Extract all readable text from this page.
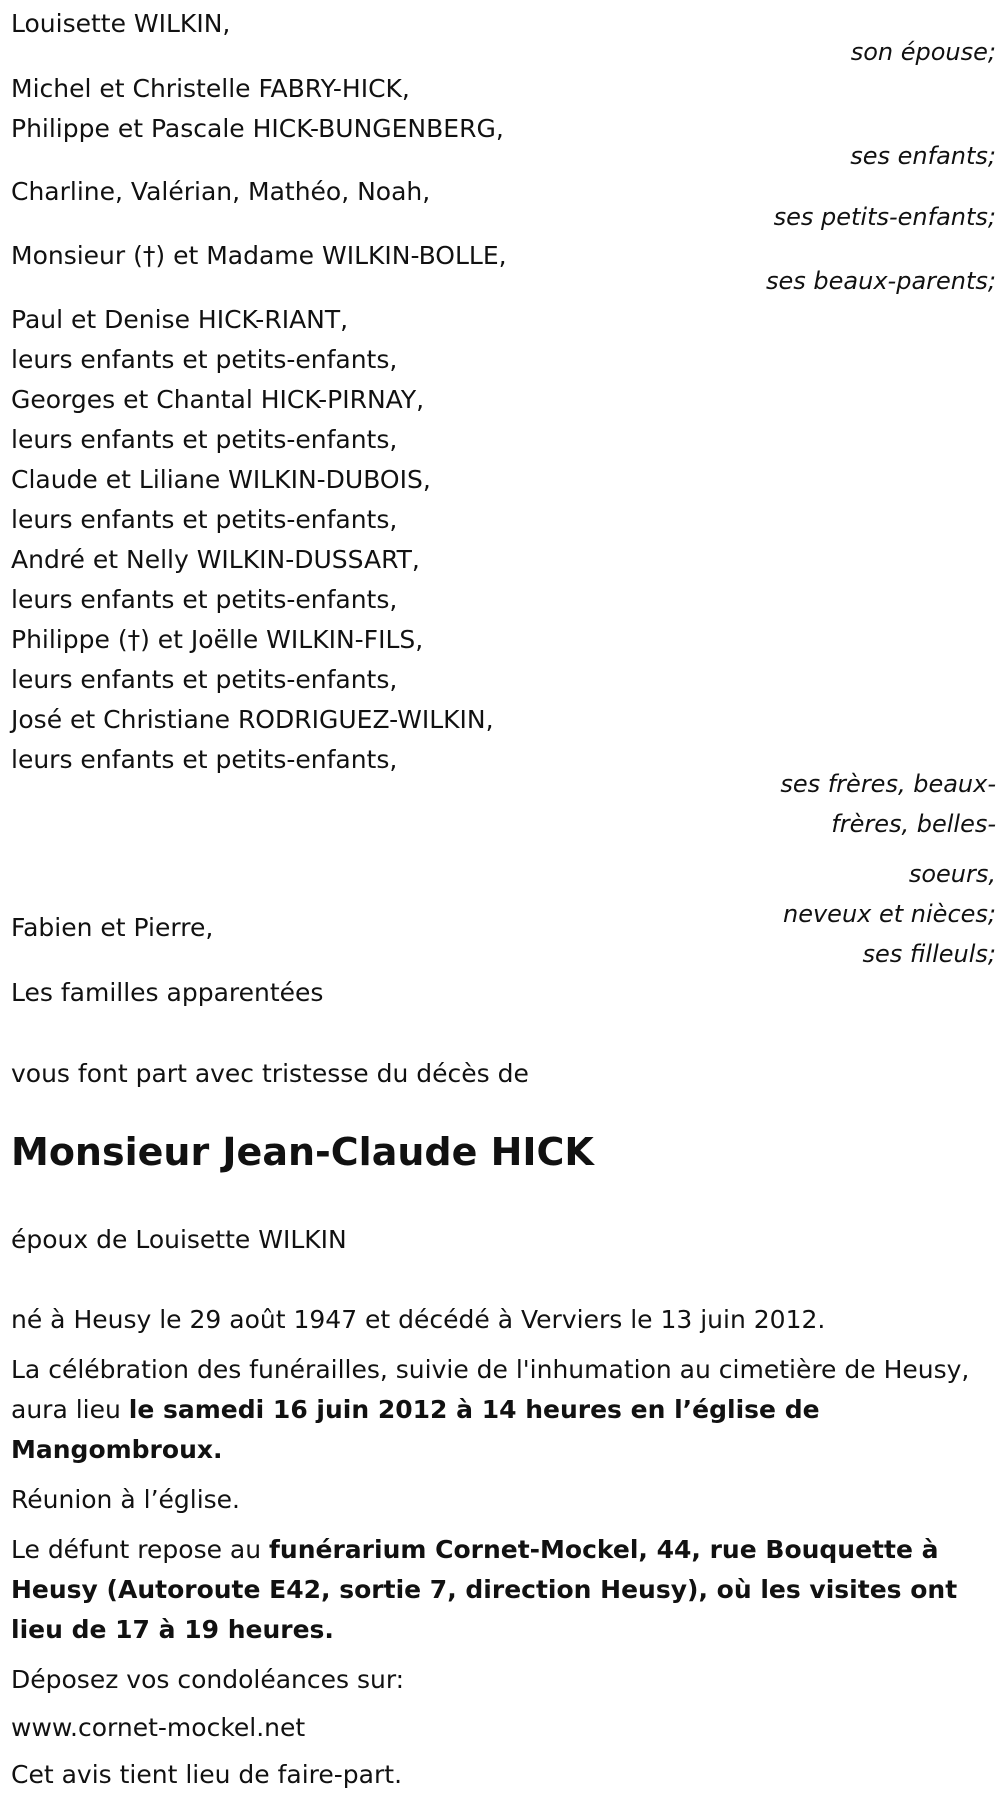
Louisette WILKIN,
son épouse;
Michel et Christelle FABRY-HICK,
Philippe et Pascale HICK-BUNGENBERG,
ses enfants;
Charline, Valérian, Mathéo, Noah,
ses petits-enfants;
Monsieur (†) et Madame WILKIN-BOLLE,
ses beaux-parents;
Paul et Denise HICK-RIANT,
leurs enfants et petits-enfants,
Georges et Chantal HICK-PIRNAY,
leurs enfants et petits-enfants,
Claude et Liliane WILKIN-DUBOIS,
leurs enfants et petits-enfants,
André et Nelly WILKIN-DUSSART,
leurs enfants et petits-enfants,
Philippe (†) et Joëlle WILKIN-FILS,
leurs enfants et petits-enfants,
José et Christiane RODRIGUEZ-WILKIN,
leurs enfants et petits-enfants,
ses frères, beaux-
frères, belles-
soeurs,
neveux et nièces;
Fabien et Pierre,
ses filleuls;
Les familles apparentées
vous font part avec tristesse du décès de
Monsieur Jean-Claude HICK
époux de Louisette WILKIN
né à Heusy le 29 août 1947 et décédé à Verviers le 13 juin 2012.
La célébration des funérailles, suivie de l'inhumation au cimetière de Heusy, aura lieu le samedi 16 juin 2012 à 14 heures en l’église de Mangombroux.
Réunion à l’église.
Le défunt repose au funérarium Cornet-Mockel, 44, rue Bouquette à Heusy (Autoroute E42, sortie 7, direction Heusy), où les visites ont lieu de 17 à 19 heures.
Déposez vos condoléances sur:
www.cornet-mockel.net
Cet avis tient lieu de faire-part.
